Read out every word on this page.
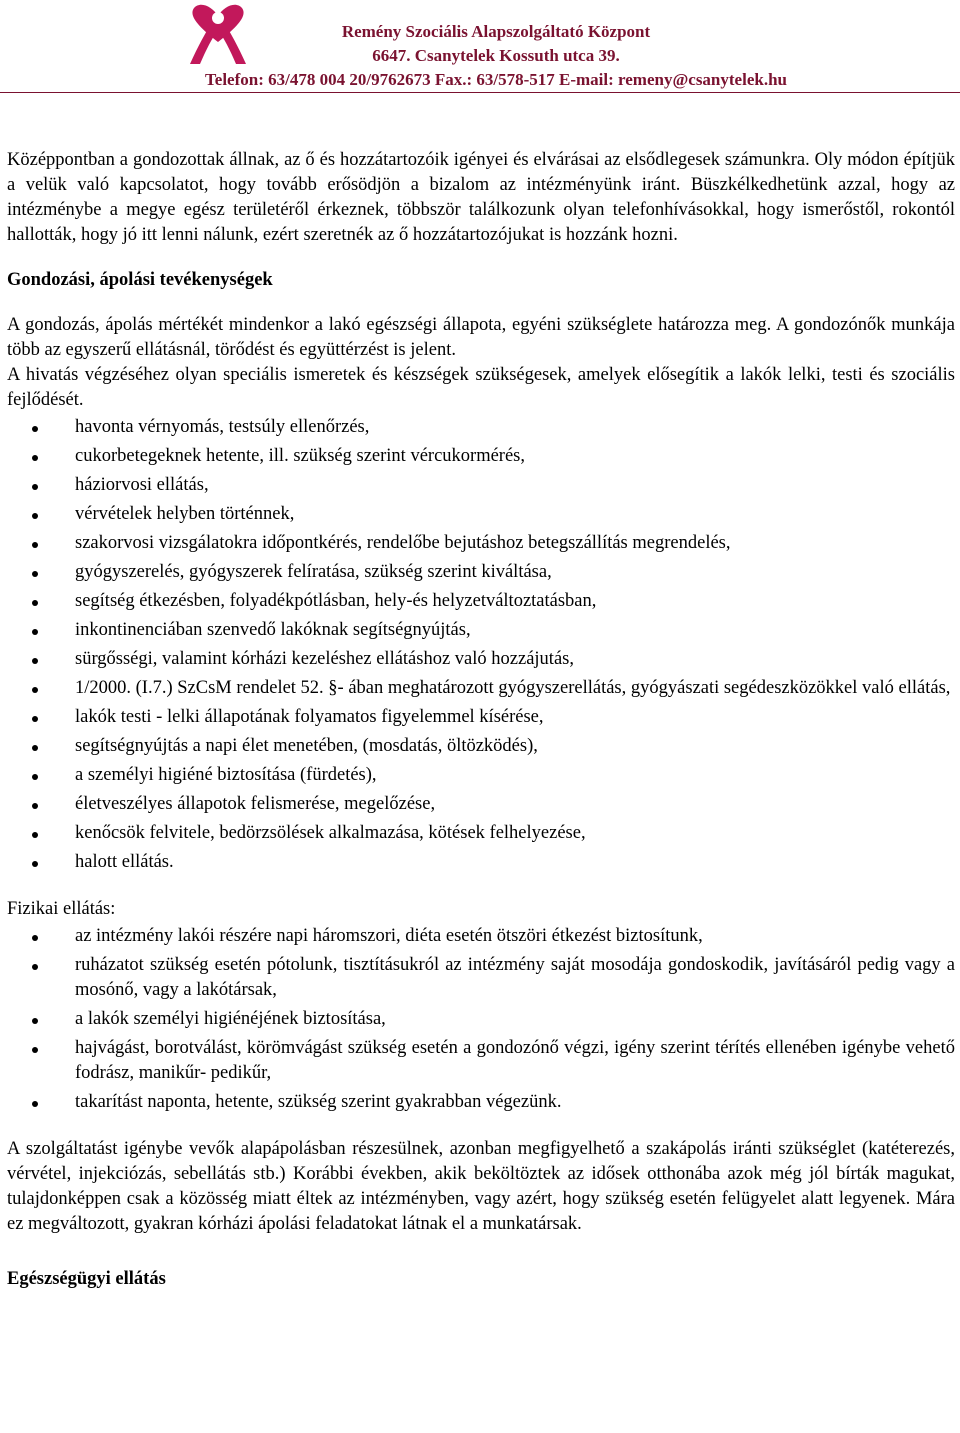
Remény Szociális Alapszolgáltató Központ
6647. Csanytelek Kossuth utca 39.
Telefon: 63/478 004 20/9762673 Fax.: 63/578-517 E-mail: remeny@csanytelek.hu

Középpontban a gondozottak állnak, az ő és hozzátartozóik igényei és elvárásai az elsődlegesek számunkra. Oly módon építjük a velük való kapcsolatot, hogy tovább erősödjön a bizalom az intézményünk iránt. Büszkélkedhetünk azzal, hogy az intézménybe a megye egész területéről érkeznek, többször találkozunk olyan telefonhívásokkal, hogy ismerőstől, rokontól hallották, hogy jó itt lenni nálunk, ezért szeretnék az ő hozzátartozójukat is hozzánk hozni.

Gondozási, ápolási tevékenységek

A gondozás, ápolás mértékét mindenkor a lakó egészségi állapota, egyéni szükséglete határozza meg. A gondozónők munkája több az egyszerű ellátásnál, törődést és együttérzést is jelent.

A hivatás végzéséhez olyan speciális ismeretek és készségek szükségesek, amelyek elősegítik a lakók lelki, testi és szociális fejlődését.

havonta vérnyomás, testsúly ellenőrzés,
cukorbetegeknek hetente, ill. szükség szerint vércukormérés,
háziorvosi ellátás,
vérvételek helyben történnek,
szakorvosi vizsgálatokra időpontkérés, rendelőbe bejutáshoz betegszállítás megrendelés,
gyógyszerelés, gyógyszerek felíratása, szükség szerint kiváltása,
segítség étkezésben, folyadékpótlásban, hely-és helyzetváltoztatásban,
inkontinenciában szenvedő lakóknak segítségnyújtás,
sürgősségi, valamint kórházi kezeléshez ellátáshoz való hozzájutás,
1/2000. (I.7.) SzCsM rendelet 52. §- ában meghatározott gyógyszerellátás, gyógyászati segédeszközökkel való ellátás,
lakók testi - lelki állapotának folyamatos figyelemmel kísérése,
segítségnyújtás a napi élet menetében, (mosdatás, öltözködés),
a személyi higiéné biztosítása (fürdetés),
életveszélyes állapotok felismerése, megelőzése,
kenőcsök felvitele, bedörzsölések alkalmazása, kötések felhelyezése,
halott ellátás.

Fizikai ellátás:

az intézmény lakói részére napi háromszori, diéta esetén ötszöri étkezést biztosítunk,
ruházatot szükség esetén pótolunk, tisztításukról az intézmény saját mosodája gondoskodik, javításáról pedig vagy a mosónő, vagy a lakótársak,
a lakók személyi higiénéjének biztosítása,
hajvágást, borotválást, körömvágást szükség esetén a gondozónő végzi, igény szerint térítés ellenében igénybe vehető fodrász, manikűr- pedikűr,
takarítást naponta, hetente, szükség szerint gyakrabban végezünk.

A szolgáltatást igénybe vevők alapápolásban részesülnek, azonban megfigyelhető a szakápolás iránti szükséglet (katéterezés, vérvétel, injekciózás, sebellátás stb.) Korábbi években, akik beköltöztek az idősek otthonába azok még jól bírták magukat, tulajdonképpen csak a közösség miatt éltek az intézményben, vagy azért, hogy szükség esetén felügyelet alatt legyenek. Mára ez megváltozott, gyakran kórházi ápolási feladatokat látnak el a munkatársak.

Egészségügyi ellátás
